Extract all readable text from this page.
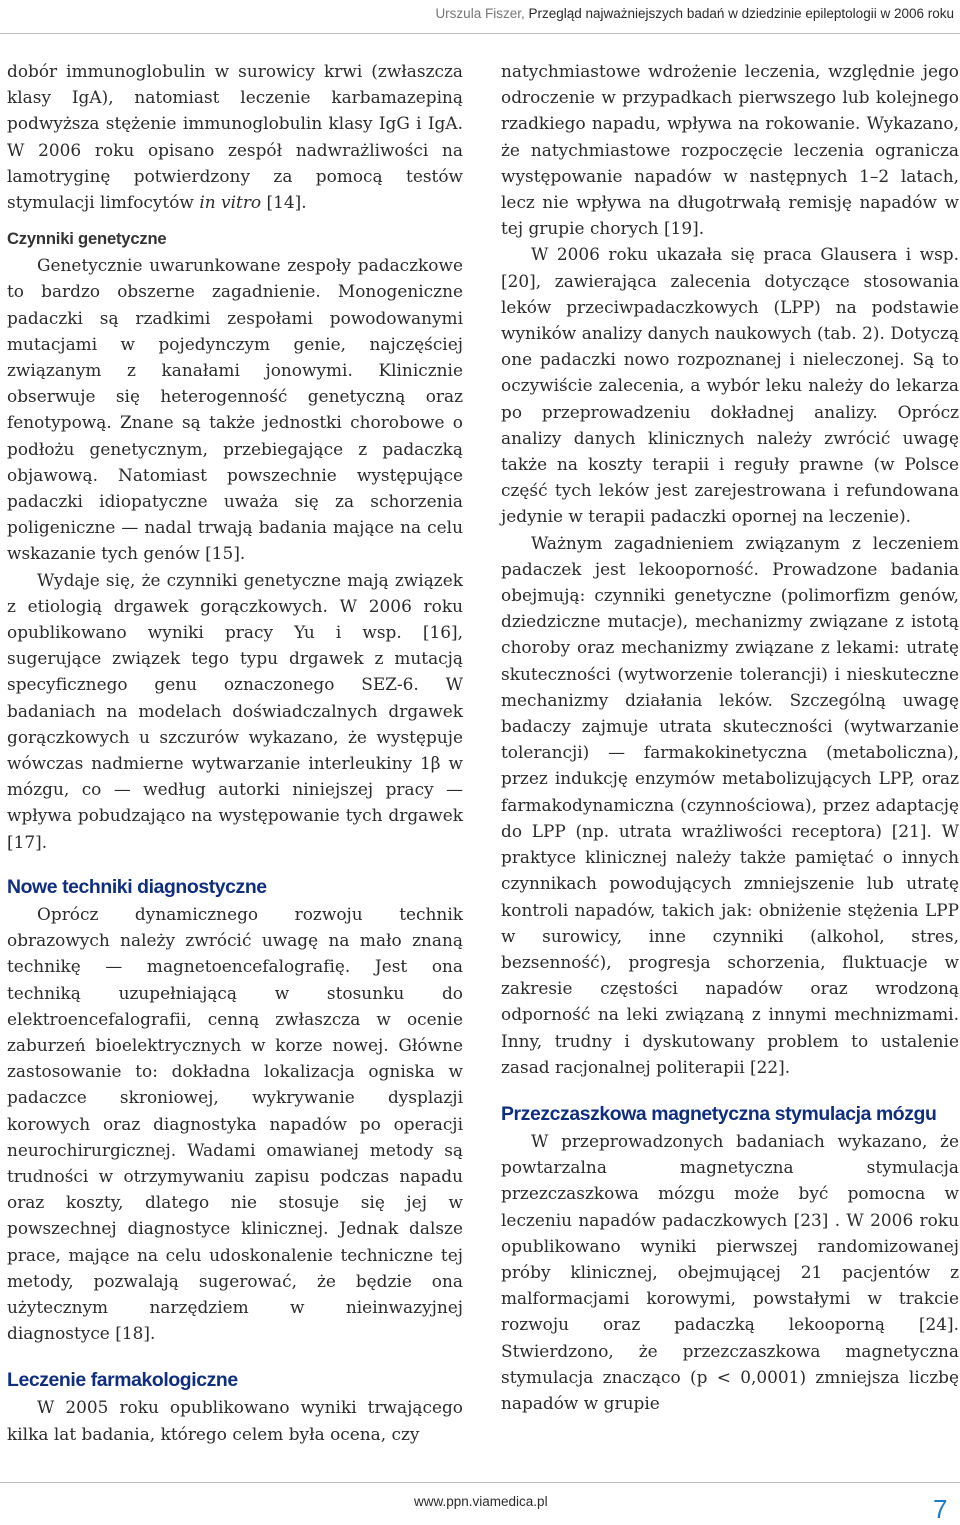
Urszula Fiszer, Przegląd najważniejszych badań w dziedzinie epileptologii w 2006 roku

dobór immunoglobulin w surowicy krwi (zwłaszcza klasy IgA), natomiast leczenie karbamazepiną podwyższa stężenie immunoglobulin klasy IgG i IgA. W 2006 roku opisano zespół nadwrażliwości na lamotryginę potwierdzony za pomocą testów stymulacji limfocytów in vitro [14].

Czynniki genetyczne

Genetycznie uwarunkowane zespoły padaczkowe to bardzo obszerne zagadnienie. Monogeniczne padaczki są rzadkimi zespołami powodowanymi mutacjami w pojedynczym genie, najczęściej związanym z kanałami jonowymi. Klinicznie obserwuje się heterogenność genetyczną oraz fenotypową. Znane są także jednostki chorobowe o podłożu genetycznym, przebiegające z padaczką objawową. Natomiast powszechnie występujące padaczki idiopatyczne uważa się za schorzenia poligeniczne — nadal trwają badania mające na celu wskazanie tych genów [15].

Wydaje się, że czynniki genetyczne mają związek z etiologią drgawek gorączkowych. W 2006 roku opublikowano wyniki pracy Yu i wsp. [16], sugerujące związek tego typu drgawek z mutacją specyficznego genu oznaczonego SEZ-6. W badaniach na modelach doświadczalnych drgawek gorączkowych u szczurów wykazano, że występuje wówczas nadmierne wytwarzanie interleukiny 1β w mózgu, co — według autorki niniejszej pracy — wpływa pobudzająco na występowanie tych drgawek [17].

Nowe techniki diagnostyczne

Oprócz dynamicznego rozwoju technik obrazowych należy zwrócić uwagę na mało znaną technikę — magnetoencefalografię. Jest ona techniką uzupełniającą w stosunku do elektroencefalografii, cenną zwłaszcza w ocenie zaburzeń bioelektrycznych w korze nowej. Główne zastosowanie to: dokładna lokalizacja ogniska w padaczce skroniowej, wykrywanie dysplazji korowych oraz diagnostyka napadów po operacji neurochirurgicznej. Wadami omawianej metody są trudności w otrzymywaniu zapisu podczas napadu oraz koszty, dlatego nie stosuje się jej w powszechnej diagnostyce klinicznej. Jednak dalsze prace, mające na celu udoskonalenie techniczne tej metody, pozwalają sugerować, że będzie ona użytecznym narzędziem w nieinwazyjnej diagnostyce [18].

Leczenie farmakologiczne

W 2005 roku opublikowano wyniki trwającego kilka lat badania, którego celem była ocena, czy

natychmiastowe wdrożenie leczenia, względnie jego odroczenie w przypadkach pierwszego lub kolejnego rzadkiego napadu, wpływa na rokowanie. Wykazano, że natychmiastowe rozpoczęcie leczenia ogranicza występowanie napadów w następnych 1–2 latach, lecz nie wpływa na długotrwałą remisję napadów w tej grupie chorych [19].

W 2006 roku ukazała się praca Glausera i wsp. [20], zawierająca zalecenia dotyczące stosowania leków przeciwpadaczkowych (LPP) na podstawie wyników analizy danych naukowych (tab. 2). Dotyczą one padaczki nowo rozpoznanej i nieleczonej. Są to oczywiście zalecenia, a wybór leku należy do lekarza po przeprowadzeniu dokładnej analizy. Oprócz analizy danych klinicznych należy zwrócić uwagę także na koszty terapii i reguły prawne (w Polsce część tych leków jest zarejestrowana i refundowana jedynie w terapii padaczki opornej na leczenie).

Ważnym zagadnieniem związanym z leczeniem padaczek jest lekooporność. Prowadzone badania obejmują: czynniki genetyczne (polimorfizm genów, dziedziczne mutacje), mechanizmy związane z istotą choroby oraz mechanizmy związane z lekami: utratę skuteczności (wytworzenie tolerancji) i nieskuteczne mechanizmy działania leków. Szczególną uwagę badaczy zajmuje utrata skuteczności (wytwarzanie tolerancji) — farmakokinetyczna (metaboliczna), przez indukcję enzymów metabolizujących LPP, oraz farmakodynamiczna (czynnościowa), przez adaptację do LPP (np. utrata wrażliwości receptora) [21]. W praktyce klinicznej należy także pamiętać o innych czynnikach powodujących zmniejszenie lub utratę kontroli napadów, takich jak: obniżenie stężenia LPP w surowicy, inne czynniki (alkohol, stres, bezsenność), progresja schorzenia, fluktuacje w zakresie częstości napadów oraz wrodzoną odporność na leki związaną z innymi mechnizmami. Inny, trudny i dyskutowany problem to ustalenie zasad racjonalnej politerapii [22].

Przezczaszkowa magnetyczna stymulacja mózgu

W przeprowadzonych badaniach wykazano, że powtarzalna magnetyczna stymulacja przezczaszkowa mózgu może być pomocna w leczeniu napadów padaczkowych [23] . W 2006 roku opublikowano wyniki pierwszej randomizowanej próby klinicznej, obejmującej 21 pacjentów z malformacjami korowymi, powstałymi w trakcie rozwoju oraz padaczką lekooporną [24]. Stwierdzono, że przezczaszkowa magnetyczna stymulacja znacząco (p < 0,0001) zmniejsza liczbę napadów w grupie

www.ppn.viamedica.pl	7
